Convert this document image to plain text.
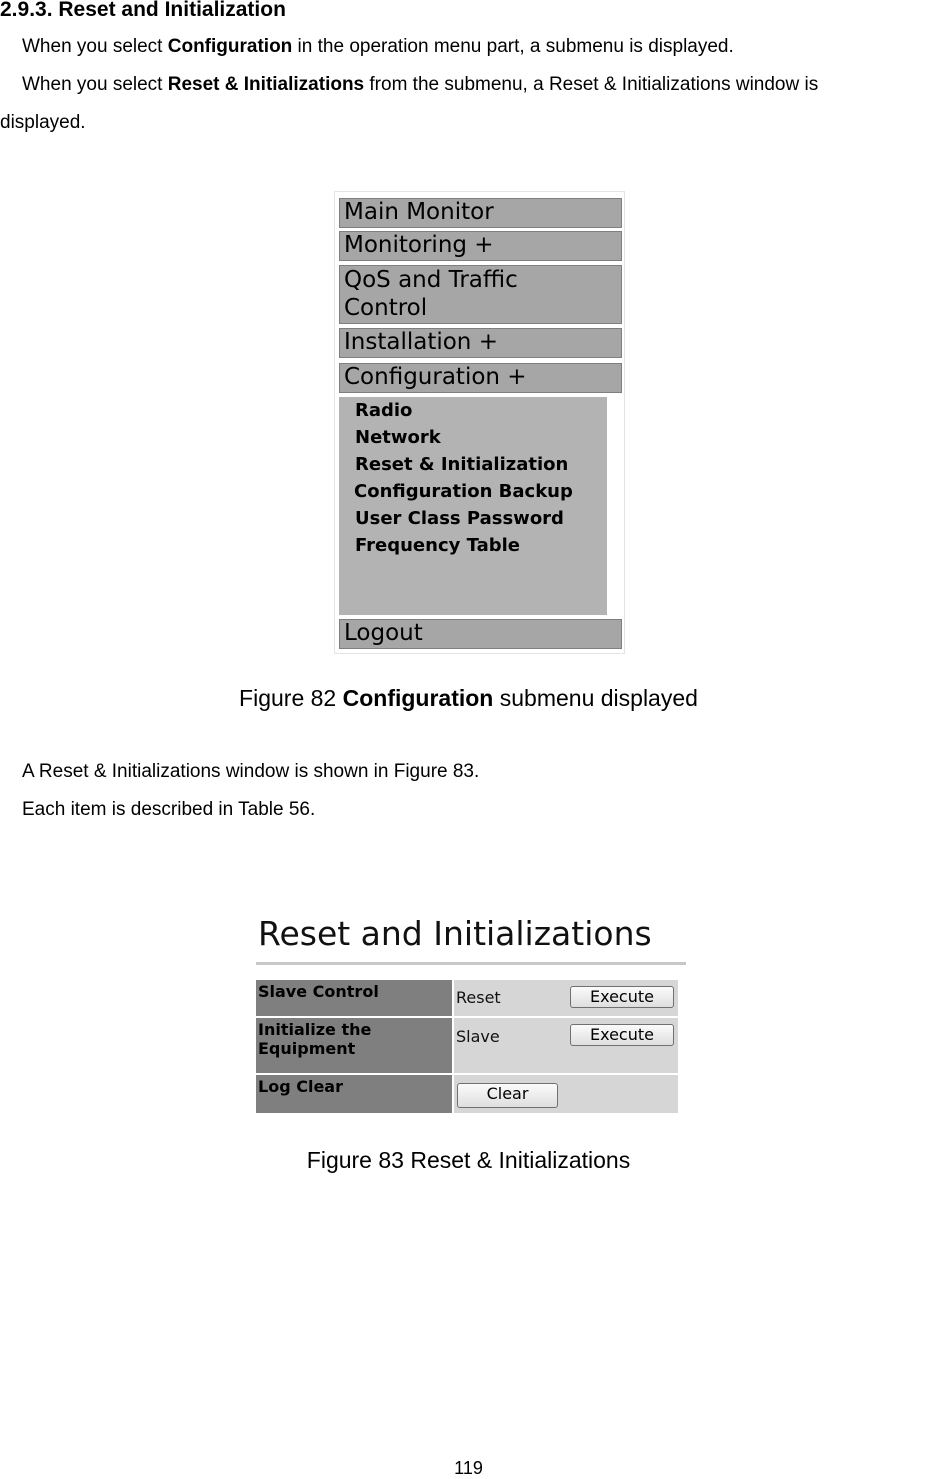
2.9.3. Reset and Initialization
When you select Configuration in the operation menu part, a submenu is displayed.
When you select Reset & Initializations from the submenu, a Reset & Initializations window is
displayed.
Main Monitor
Monitoring +
QoS and Traffic
Control
Installation +
Configuration +
Radio
Network
Reset & Initialization
Configuration Backup
User Class Password
Frequency Table
Logout
Figure 82 Configuration submenu displayed
A Reset & Initializations window is shown in Figure 83.
Each item is described in Table 56.
Reset and Initializations
Slave Control	Reset	Execute
Initialize the
Equipment
Slave	Execute
Log Clear	Clear
Figure 83 Reset & Initializations
119
